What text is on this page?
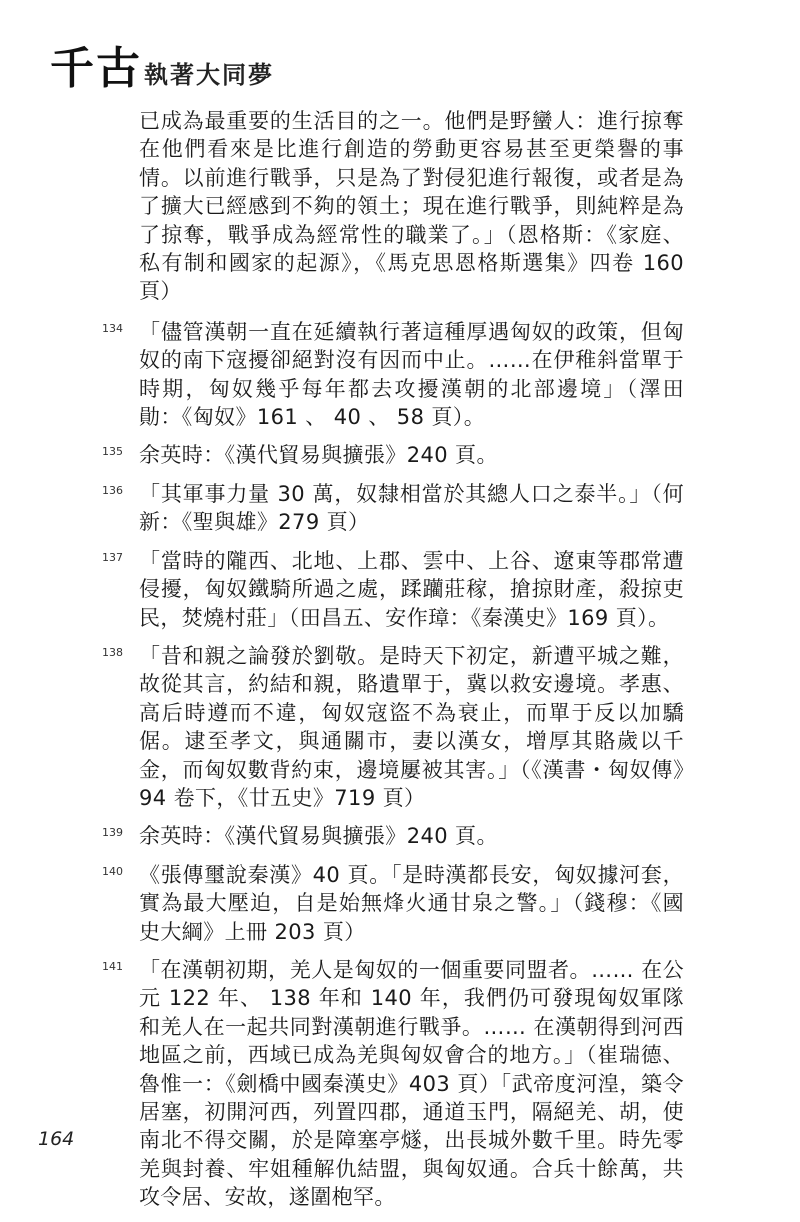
千古執著大同夢
已成為最重要的生活目的之一。他們是野蠻人：進行掠奪在他們看來是比進行創造的勞動更容易甚至更榮譽的事情。以前進行戰爭，只是為了對侵犯進行報復，或者是為了擴大已經感到不夠的領土；現在進行戰爭，則純粹是為了掠奪，戰爭成為經常性的職業了。」（恩格斯：《家庭、私有制和國家的起源》，《馬克思恩格斯選集》四卷 160 頁）
134 「儘管漢朝一直在延續執行著這種厚遇匈奴的政策，但匈奴的南下寇擾卻絕對沒有因而中止。……在伊稚斜當單于時期，匈奴幾乎每年都去攻擾漢朝的北部邊境」（澤田勛：《匈奴》161 、 40 、 58 頁）。
135 余英時：《漢代貿易與擴張》240 頁。
136 「其軍事力量 30 萬，奴隸相當於其總人口之泰半。」（何新：《聖與雄》279 頁）
137 「當時的隴西、北地、上郡、雲中、上谷、遼東等郡常遭侵擾，匈奴鐵騎所過之處，蹂躪莊稼，搶掠財產，殺掠吏民，焚燒村莊」（田昌五、安作璋：《秦漢史》169 頁）。
138 「昔和親之論發於劉敬。是時天下初定，新遭平城之難，故從其言，約結和親，賂遺單于，冀以救安邊境。孝惠、高后時遵而不違，匈奴寇盜不為衰止，而單于反以加驕倨。逮至孝文，與通關市，妻以漢女，增厚其賂歲以千金，而匈奴數背約束，邊境屢被其害。」（《漢書・匈奴傳》94 卷下，《廿五史》719 頁）
139 余英時：《漢代貿易與擴張》240 頁。
140 《張傳璽說秦漢》40 頁。「是時漢都長安，匈奴據河套，實為最大壓迫，自是始無烽火通甘泉之警。」（錢穆：《國史大綱》上冊 203 頁）
141 「在漢朝初期，羌人是匈奴的一個重要同盟者。…… 在公元 122 年、 138 年和 140 年，我們仍可發現匈奴軍隊和羌人在一起共同對漢朝進行戰爭。…… 在漢朝得到河西地區之前，西域已成為羌與匈奴會合的地方。」（崔瑞德、魯惟一：《劍橋中國秦漢史》403 頁）「武帝度河湟，築令居塞，初開河西，列置四郡，通道玉門，隔絕羌、胡，使南北不得交關，於是障塞亭燧，出長城外數千里。時先零羌與封養、牢姐種解仇結盟，與匈奴通。合兵十餘萬，共攻令居、安故，遂圍枹罕。
164
